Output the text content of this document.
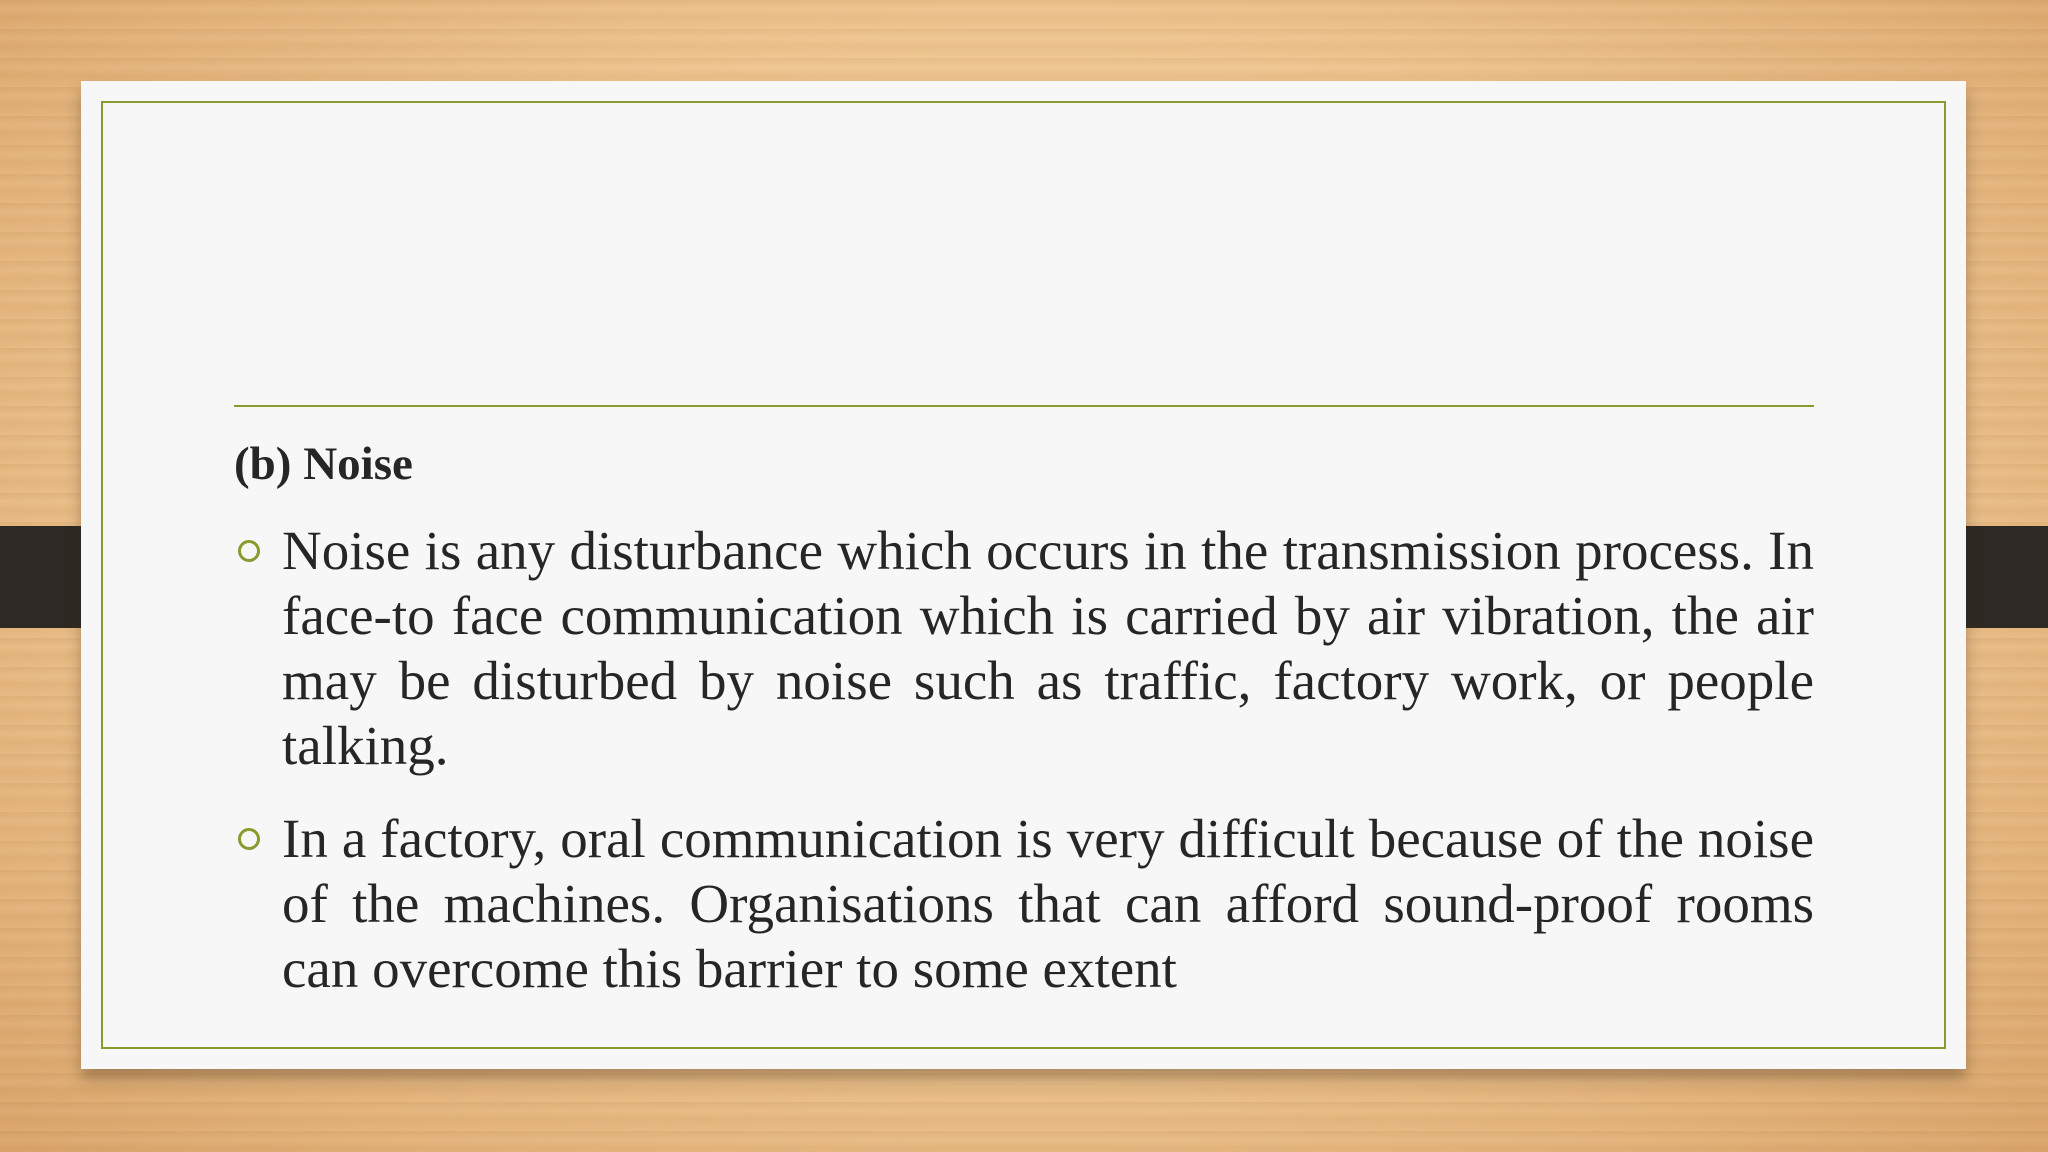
(b) Noise
Noise is any disturbance which occurs in the transmission process. In face-to face communication which is carried by air vibration, the air may be disturbed by noise such as traffic, factory work, or people talking.
In a factory, oral communication is very difficult because of the noise of the machines. Organisations that can afford sound-proof rooms can overcome this barrier to some extent
